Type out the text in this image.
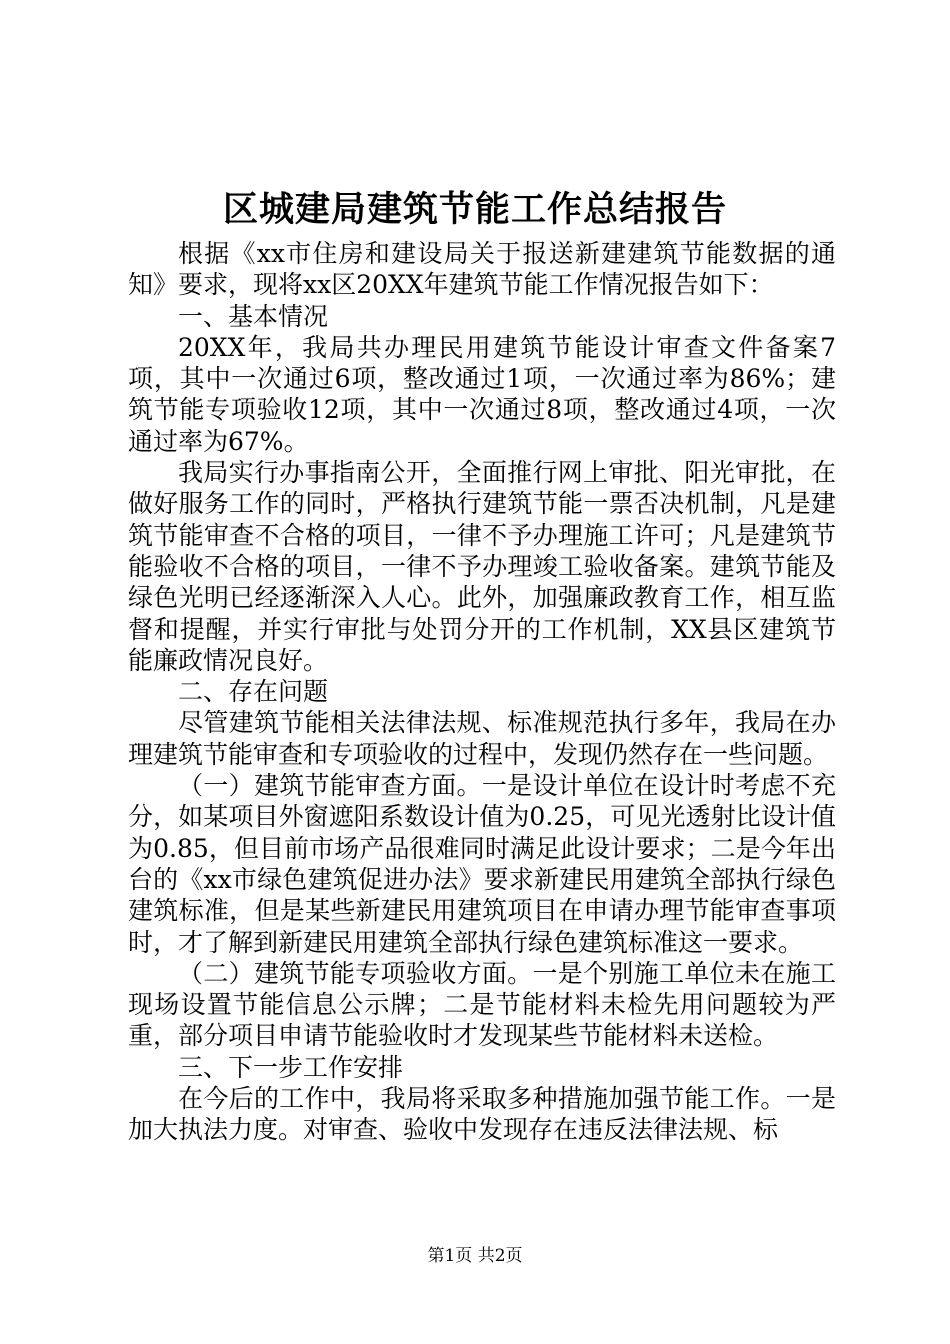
区城建局建筑节能工作总结报告

根据《xx市住房和建设局关于报送新建建筑节能数据的通知》要求，现将xx区20XX年建筑节能工作情况报告如下：

一、基本情况

20XX年，我局共办理民用建筑节能设计审查文件备案7项，其中一次通过6项，整改通过1项，一次通过率为86%；建筑节能专项验收12项，其中一次通过8项，整改通过4项，一次通过率为67%。

我局实行办事指南公开，全面推行网上审批、阳光审批，在做好服务工作的同时，严格执行建筑节能一票否决机制，凡是建筑节能审查不合格的项目，一律不予办理施工许可；凡是建筑节能验收不合格的项目，一律不予办理竣工验收备案。建筑节能及绿色光明已经逐渐深入人心。此外，加强廉政教育工作，相互监督和提醒，并实行审批与处罚分开的工作机制，XX县区建筑节能廉政情况良好。

二、存在问题

尽管建筑节能相关法律法规、标准规范执行多年，我局在办理建筑节能审查和专项验收的过程中，发现仍然存在一些问题。

（一）建筑节能审查方面。一是设计单位在设计时考虑不充分，如某项目外窗遮阳系数设计值为0.25，可见光透射比设计值为0.85，但目前市场产品很难同时满足此设计要求；二是今年出台的《xx市绿色建筑促进办法》要求新建民用建筑全部执行绿色建筑标准，但是某些新建民用建筑项目在申请办理节能审查事项时，才了解到新建民用建筑全部执行绿色建筑标准这一要求。

（二）建筑节能专项验收方面。一是个别施工单位未在施工现场设置节能信息公示牌；二是节能材料未检先用问题较为严重，部分项目申请节能验收时才发现某些节能材料未送检。

三、下一步工作安排

在今后的工作中，我局将采取多种措施加强节能工作。一是加大执法力度。对审查、验收中发现存在违反法律法规、标

第1页 共2页
